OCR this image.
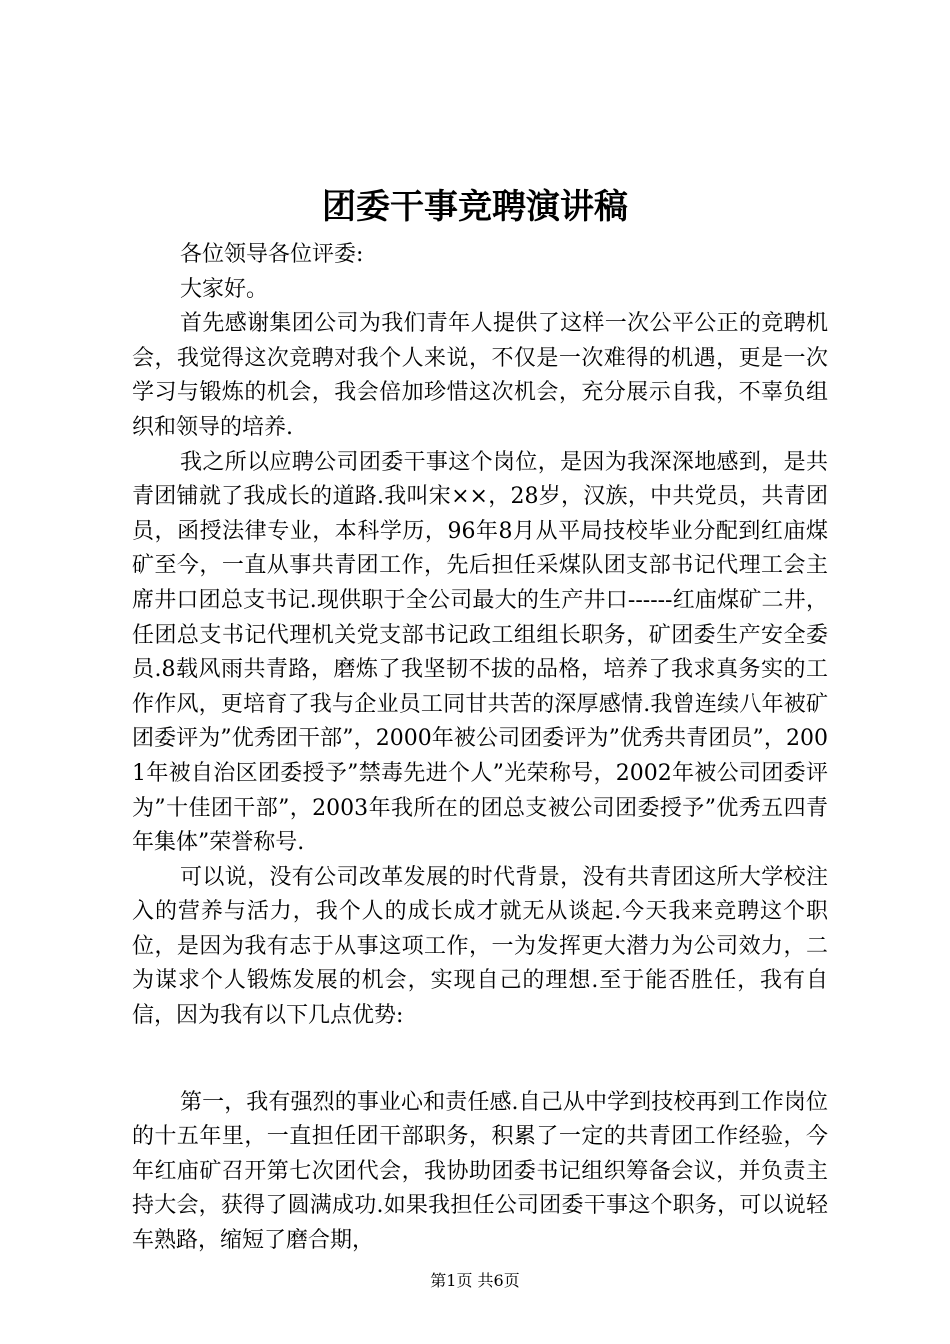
团委干事竞聘演讲稿

各位领导各位评委:

大家好。

首先感谢集团公司为我们青年人提供了这样一次公平公正的竞聘机会，我觉得这次竞聘对我个人来说，不仅是一次难得的机遇，更是一次学习与锻炼的机会，我会倍加珍惜这次机会，充分展示自我，不辜负组织和领导的培养.

我之所以应聘公司团委干事这个岗位，是因为我深深地感到，是共青团铺就了我成长的道路.我叫宋××，28岁，汉族，中共党员，共青团员，函授法律专业，本科学历，96年8月从平局技校毕业分配到红庙煤矿至今，一直从事共青团工作，先后担任采煤队团支部书记代理工会主席井口团总支书记.现供职于全公司最大的生产井口------红庙煤矿二井，任团总支书记代理机关党支部书记政工组组长职务，矿团委生产安全委员.8载风雨共青路，磨炼了我坚韧不拔的品格，培养了我求真务实的工作作风，更培育了我与企业员工同甘共苦的深厚感情.我曾连续八年被矿团委评为”优秀团干部”，2000年被公司团委评为”优秀共青团员”，2001年被自治区团委授予”禁毒先进个人”光荣称号，2002年被公司团委评为”十佳团干部”，2003年我所在的团总支被公司团委授予”优秀五四青年集体”荣誉称号.

可以说，没有公司改革发展的时代背景，没有共青团这所大学校注入的营养与活力，我个人的成长成才就无从谈起.今天我来竞聘这个职位，是因为我有志于从事这项工作，一为发挥更大潜力为公司效力，二为谋求个人锻炼发展的机会，实现自己的理想.至于能否胜任，我有自信，因为我有以下几点优势:

第一，我有强烈的事业心和责任感.自己从中学到技校再到工作岗位的十五年里，一直担任团干部职务，积累了一定的共青团工作经验，今年红庙矿召开第七次团代会，我协助团委书记组织筹备会议，并负责主持大会，获得了圆满成功.如果我担任公司团委干事这个职务，可以说轻车熟路，缩短了磨合期，

第1页 共6页
